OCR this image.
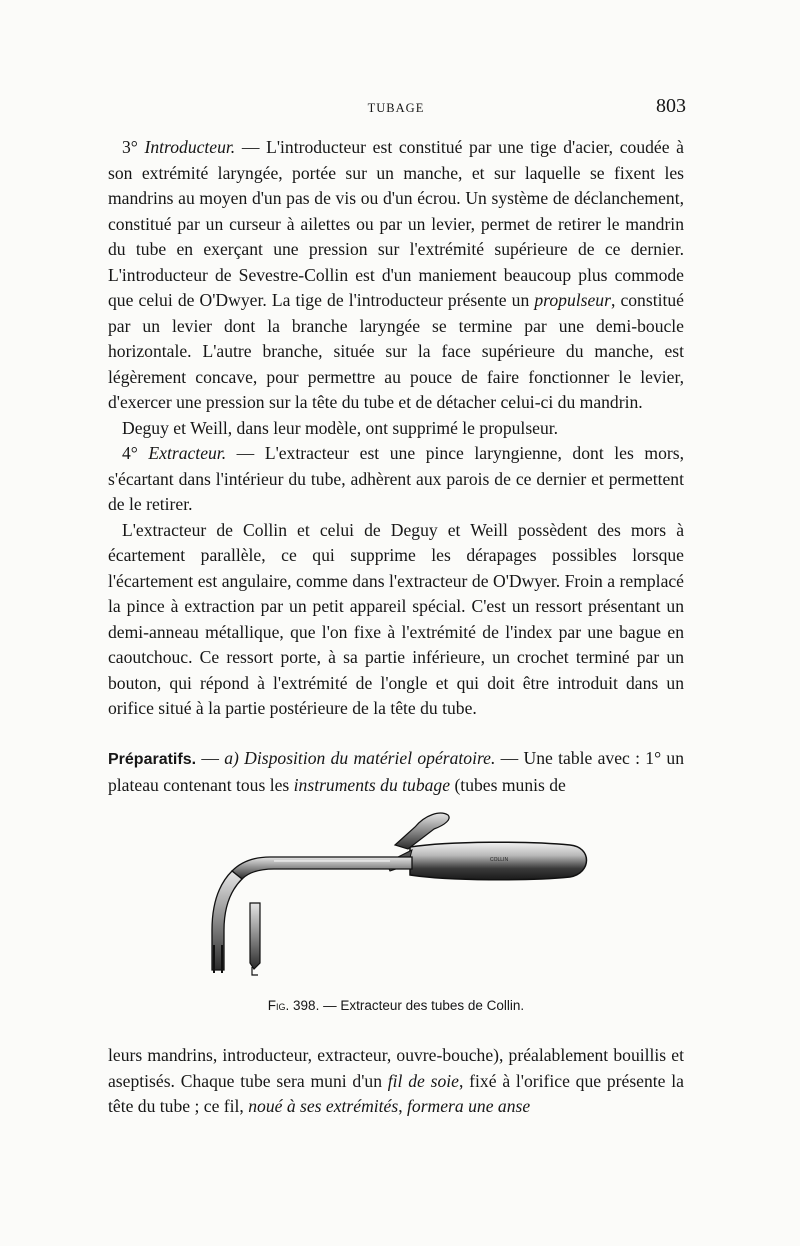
TUBAGE	803

3° Introducteur. — L'introducteur est constitué par une tige d'acier, coudée à son extrémité laryngée, portée sur un manche, et sur laquelle se fixent les mandrins au moyen d'un pas de vis ou d'un écrou. Un système de déclanchement, constitué par un curseur à ailettes ou par un levier, permet de retirer le mandrin du tube en exerçant une pression sur l'extrémité supérieure de ce dernier. L'introducteur de Sevestre-Collin est d'un maniement beaucoup plus commode que celui de O'Dwyer. La tige de l'introducteur présente un propulseur, constitué par un levier dont la branche laryngée se termine par une demi-boucle horizontale. L'autre branche, située sur la face supérieure du manche, est légèrement concave, pour permettre au pouce de faire fonctionner le levier, d'exercer une pression sur la tête du tube et de détacher celui-ci du mandrin.

Deguy et Weill, dans leur modèle, ont supprimé le propulseur.

4° Extracteur. — L'extracteur est une pince laryngienne, dont les mors, s'écartant dans l'intérieur du tube, adhèrent aux parois de ce dernier et permettent de le retirer.

L'extracteur de Collin et celui de Deguy et Weill possèdent des mors à écartement parallèle, ce qui supprime les dérapages possibles lorsque l'écartement est angulaire, comme dans l'extracteur de O'Dwyer. Froin a remplacé la pince à extraction par un petit appareil spécial. C'est un ressort présentant un demi-anneau métallique, que l'on fixe à l'extrémité de l'index par une bague en caoutchouc. Ce ressort porte, à sa partie inférieure, un crochet terminé par un bouton, qui répond à l'extrémité de l'ongle et qui doit être introduit dans un orifice situé à la partie postérieure de la tête du tube.

Préparatifs. — a) Disposition du matériel opératoire. — Une table avec : 1° un plateau contenant tous les instruments du tubage (tubes munis de

COLLIN
Fig. 398. — Extracteur des tubes de Collin.

leurs mandrins, introducteur, extracteur, ouvre-bouche), préalablement bouillis et aseptisés. Chaque tube sera muni d'un fil de soie, fixé à l'orifice que présente la tête du tube ; ce fil, noué à ses extrémités, formera une anse
